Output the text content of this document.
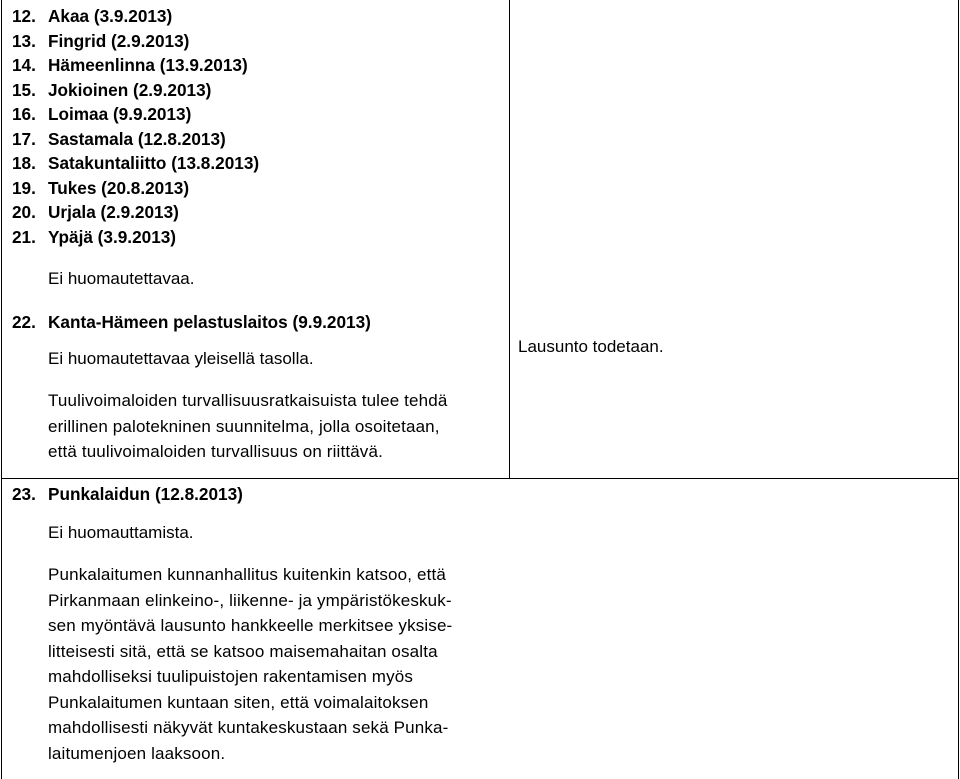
12. Akaa (3.9.2013)
13. Fingrid (2.9.2013)
14. Hämeenlinna (13.9.2013)
15. Jokioinen (2.9.2013)
16. Loimaa (9.9.2013)
17. Sastamala (12.8.2013)
18. Satakuntaliitto (13.8.2013)
19. Tukes (20.8.2013)
20. Urjala (2.9.2013)
21. Ypäjä (3.9.2013)
Ei huomautettavaa.
22. Kanta-Hämeen pelastuslaitos (9.9.2013)
Ei huomautettavaa yleisellä tasolla.
Lausunto todetaan.
Tuulivoimaloiden turvallisuusratkaisuista tulee tehdä
erillinen palotekninen suunnitelma, jolla osoitetaan,
että tuulivoimaloiden turvallisuus on riittävä.
23. Punkalaidun (12.8.2013)
Ei huomauttamista.
Punkalaitumen kunnanhallitus kuitenkin katsoo, että
Pirkanmaan elinkeino-, liikenne- ja ympäristökeskuk-
sen myöntävä lausunto hankkeelle merkitsee yksise-
litteisesti sitä, että se katsoo maisemahaitan osalta
mahdolliseksi tuulipuistojen rakentamisen myös
Punkalaitumen kuntaan siten, että voimalaitoksen
mahdollisesti näkyvät kuntakeskustaan sekä Punka-
laitumenjoen laaksoon.
